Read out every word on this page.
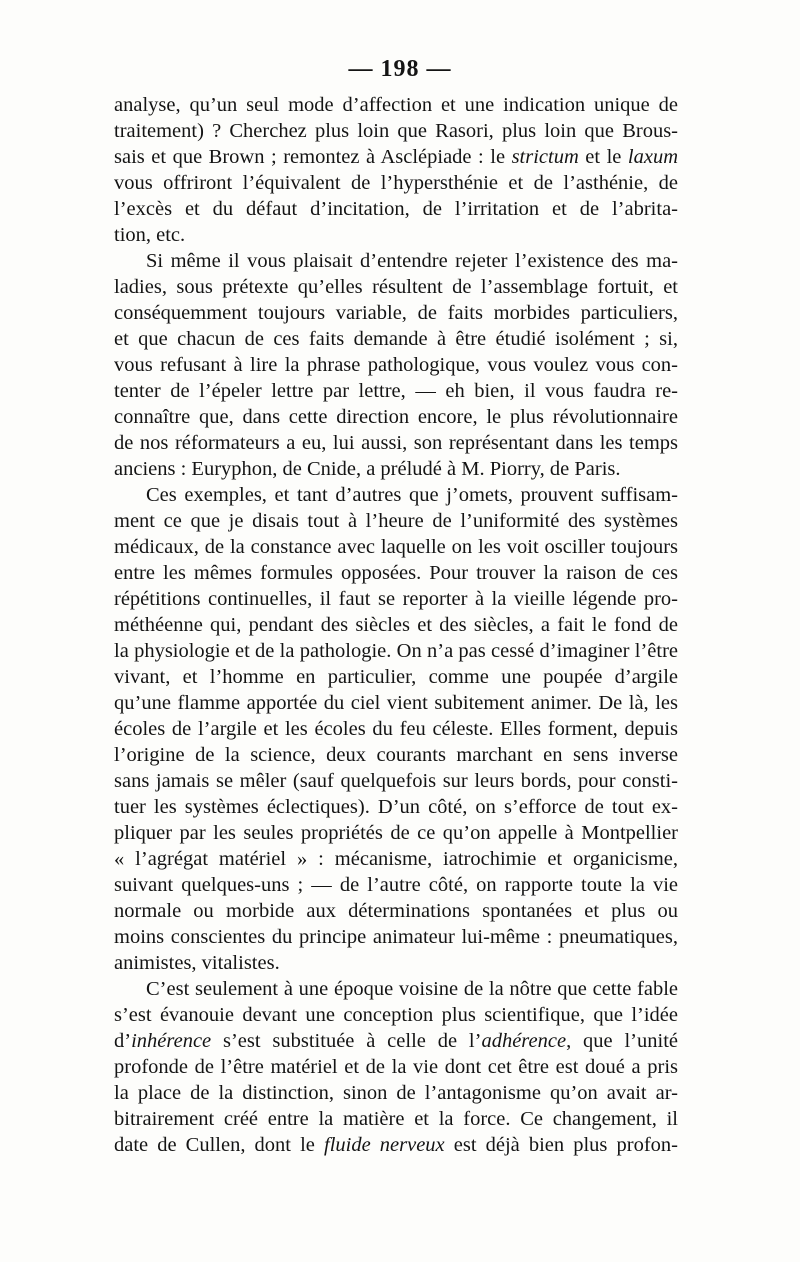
— 198 —
analyse, qu’un seul mode d’affection et une indication unique de
traitement) ? Cherchez plus loin que Rasori, plus loin que Brous-
sais et que Brown ; remontez à Asclépiade : le strictum et le laxum
vous offriront l’équivalent de l’hypersthénie et de l’asthénie, de
l’excès et du défaut d’incitation, de l’irritation et de l’abrita-
tion, etc.
Si même il vous plaisait d’entendre rejeter l’existence des ma-
ladies, sous prétexte qu’elles résultent de l’assemblage fortuit, et
conséquemment toujours variable, de faits morbides particuliers,
et que chacun de ces faits demande à être étudié isolément ; si,
vous refusant à lire la phrase pathologique, vous voulez vous con-
tenter de l’épeler lettre par lettre, — eh bien, il vous faudra re-
connaître que, dans cette direction encore, le plus révolutionnaire
de nos réformateurs a eu, lui aussi, son représentant dans les temps
anciens : Euryphon, de Cnide, a préludé à M. Piorry, de Paris.
Ces exemples, et tant d’autres que j’omets, prouvent suffisam-
ment ce que je disais tout à l’heure de l’uniformité des systèmes
médicaux, de la constance avec laquelle on les voit osciller toujours
entre les mêmes formules opposées. Pour trouver la raison de ces
répétitions continuelles, il faut se reporter à la vieille légende pro-
méthéenne qui, pendant des siècles et des siècles, a fait le fond de
la physiologie et de la pathologie. On n’a pas cessé d’imaginer l’être
vivant, et l’homme en particulier, comme une poupée d’argile
qu’une flamme apportée du ciel vient subitement animer. De là, les
écoles de l’argile et les écoles du feu céleste. Elles forment, depuis
l’origine de la science, deux courants marchant en sens inverse
sans jamais se mêler (sauf quelquefois sur leurs bords, pour consti-
tuer les systèmes éclectiques). D’un côté, on s’efforce de tout ex-
pliquer par les seules propriétés de ce qu’on appelle à Montpellier
« l’agrégat matériel » : mécanisme, iatrochimie et organicisme,
suivant quelques-uns ; — de l’autre côté, on rapporte toute la vie
normale ou morbide aux déterminations spontanées et plus ou
moins conscientes du principe animateur lui-même : pneumatiques,
animistes, vitalistes.
C’est seulement à une époque voisine de la nôtre que cette fable
s’est évanouie devant une conception plus scientifique, que l’idée
d’inhérence s’est substituée à celle de l’adhérence, que l’unité
profonde de l’être matériel et de la vie dont cet être est doué a pris
la place de la distinction, sinon de l’antagonisme qu’on avait ar-
bitrairement créé entre la matière et la force. Ce changement, il
date de Cullen, dont le fluide nerveux est déjà bien plus profon-
